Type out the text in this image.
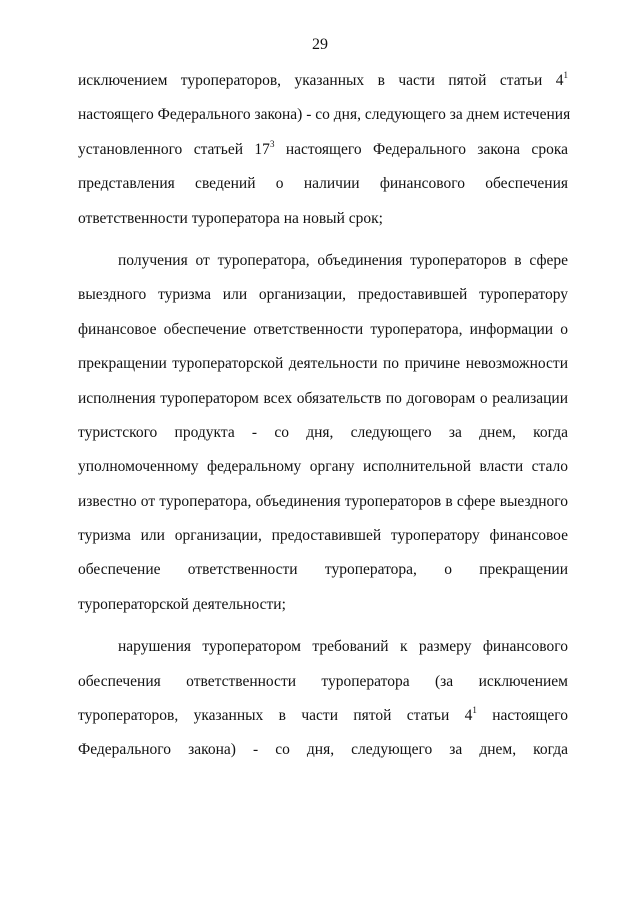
29
исключением туроператоров, указанных в части пятой статьи $4^1$
настоящего Федерального закона) - со дня, следующего за днем истечения
установленного статьей $17^3$ настоящего Федерального закона срока
представления сведений о наличии финансового обеспечения
ответственности туроператора на новый срок;
получения от туроператора, объединения туроператоров в сфере
выездного туризма или организации, предоставившей туроператору
финансовое обеспечение ответственности туроператора, информации о
прекращении туроператорской деятельности по причине невозможности
исполнения туроператором всех обязательств по договорам о реализации
туристского продукта - со дня, следующего за днем, когда
уполномоченному федеральному органу исполнительной власти стало
известно от туроператора, объединения туроператоров в сфере выездного
туризма или организации, предоставившей туроператору финансовое
обеспечение ответственности туроператора, о прекращении
туроператорской деятельности;
нарушения туроператором требований к размеру финансового
обеспечения ответственности туроператора (за исключением
туроператоров, указанных в части пятой статьи $4^1$ настоящего
Федерального закона) - со дня, следующего за днем, когда
